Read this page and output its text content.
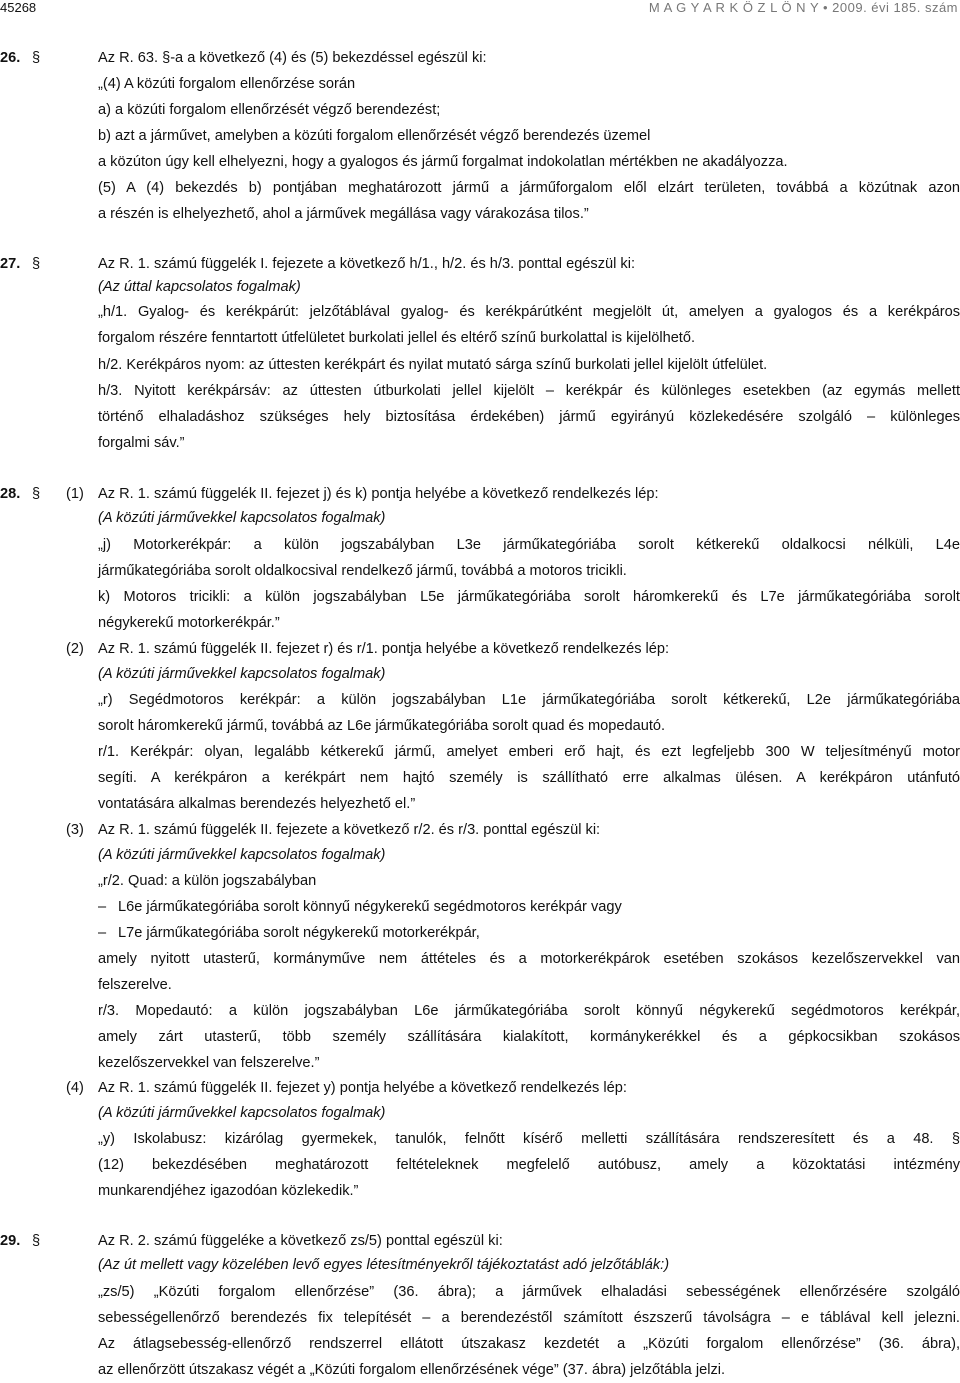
45268	M A G Y A R K Ö Z L Ö N Y • 2009. évi 185. szám
26. §	Az R. 63. §-a a következő (4) és (5) bekezdéssel egészül ki:
„(4) A közúti forgalom ellenőrzése során
a) a közúti forgalom ellenőrzését végző berendezést;
b) azt a járművet, amelyben a közúti forgalom ellenőrzését végző berendezés üzemel
a közúton úgy kell elhelyezni, hogy a gyalogos és jármű forgalmat indokolatlan mértékben ne akadályozza.
(5) A (4) bekezdés b) pontjában meghatározott jármű a járműforgalom elől elzárt területen, továbbá a közútnak azon
a részén is elhelyezhető, ahol a járművek megállása vagy várakozása tilos.”
27. §	Az R. 1. számú függelék I. fejezete a következő h/1., h/2. és h/3. ponttal egészül ki:
(Az úttal kapcsolatos fogalmak)
„h/1. Gyalog- és kerékpárút: jelzőtáblával gyalog- és kerékpárútként megjelölt út, amelyen a gyalogos és a kerékpáros
forgalom részére fenntartott útfelületet burkolati jellel és eltérő színű burkolattal is kijelölhető.
h/2. Kerékpáros nyom: az úttesten kerékpárt és nyilat mutató sárga színű burkolati jellel kijelölt útfelület.
h/3. Nyitott kerékpársáv: az úttesten útburkolati jellel kijelölt – kerékpár és különleges esetekben (az egymás mellett
történő elhaladáshoz szükséges hely biztosítása érdekében) jármű egyirányú közlekedésére szolgáló – különleges
forgalmi sáv.”
28. § (1) Az R. 1. számú függelék II. fejezet j) és k) pontja helyébe a következő rendelkezés lép:
(A közúti járművekkel kapcsolatos fogalmak)
„j) Motorkerékpár: a külön jogszabályban L3e járműkategóriába sorolt kétkerekű oldalkocsi nélküli, L4e
járműkategóriába sorolt oldalkocsival rendelkező jármű, továbbá a motoros tricikli.
k) Motoros tricikli: a külön jogszabályban L5e járműkategóriába sorolt háromkerekű és L7e járműkategóriába sorolt
négykerekű motorkerékpár.”
(2) Az R. 1. számú függelék II. fejezet r) és r/1. pontja helyébe a következő rendelkezés lép:
(A közúti járművekkel kapcsolatos fogalmak)
„r) Segédmotoros kerékpár: a külön jogszabályban L1e járműkategóriába sorolt kétkerekű, L2e járműkategóriába
sorolt háromkerekű jármű, továbbá az L6e járműkategóriába sorolt quad és mopedautó.
r/1. Kerékpár: olyan, legalább kétkerekű jármű, amelyet emberi erő hajt, és ezt legfeljebb 300 W teljesítményű motor
segíti. A kerékpáron a kerékpárt nem hajtó személy is szállítható erre alkalmas ülésen. A kerékpáron utánfutó
vontatására alkalmas berendezés helyezhető el.”
(3) Az R. 1. számú függelék II. fejezete a következő r/2. és r/3. ponttal egészül ki:
(A közúti járművekkel kapcsolatos fogalmak)
„r/2. Quad: a külön jogszabályban
– L6e járműkategóriába sorolt könnyű négykerekű segédmotoros kerékpár vagy
– L7e járműkategóriába sorolt négykerekű motorkerékpár,
amely nyitott utasterű, kormányművе nem áttételes és a motorkerékpárok esetében szokásos kezelőszervekkel van
felszerelve.
r/3. Mopedautó: a külön jogszabályban L6e járműkategóriába sorolt könnyű négykerekű segédmotoros kerékpár,
amely zárt utasterű, több személy szállítására kialakított, kormánykerékkel és a gépkocsikban szokásos
kezelőszervekkel van felszerelve.”
(4) Az R. 1. számú függelék II. fejezet y) pontja helyébe a következő rendelkezés lép:
(A közúti járművekkel kapcsolatos fogalmak)
„y) Iskolabusz: kizárólag gyermekek, tanulók, felnőtt kísérő melletti szállítására rendszeresített és a 48. §
(12) bekezdésében meghatározott feltételeknek megfelelő autóbusz, amely a közoktatási intézmény
munkarendjéhez igazodóan közlekedik.”
29. §	Az R. 2. számú függeléke a következő zs/5) ponttal egészül ki:
(Az út mellett vagy közelében levő egyes létesítményekről tájékoztatást adó jelzőtáblák:)
„zs/5) „Közúti forgalom ellenőrzése” (36. ábra); a járművek elhaladási sebességének ellenőrzésére szolgáló
sebességellenőrző berendezés fix telepítését – a berendezéstől számított észszerű távolságra – e táblával kell jelezni.
Az átlagsebesség-ellenőrző rendszerrel ellátott útszakasz kezdetét a „Közúti forgalom ellenőrzése” (36. ábra),
az ellenőrzött útszakasz végét a „Közúti forgalom ellenőrzésének vége” (37. ábra) jelzőtábla jelzi.
